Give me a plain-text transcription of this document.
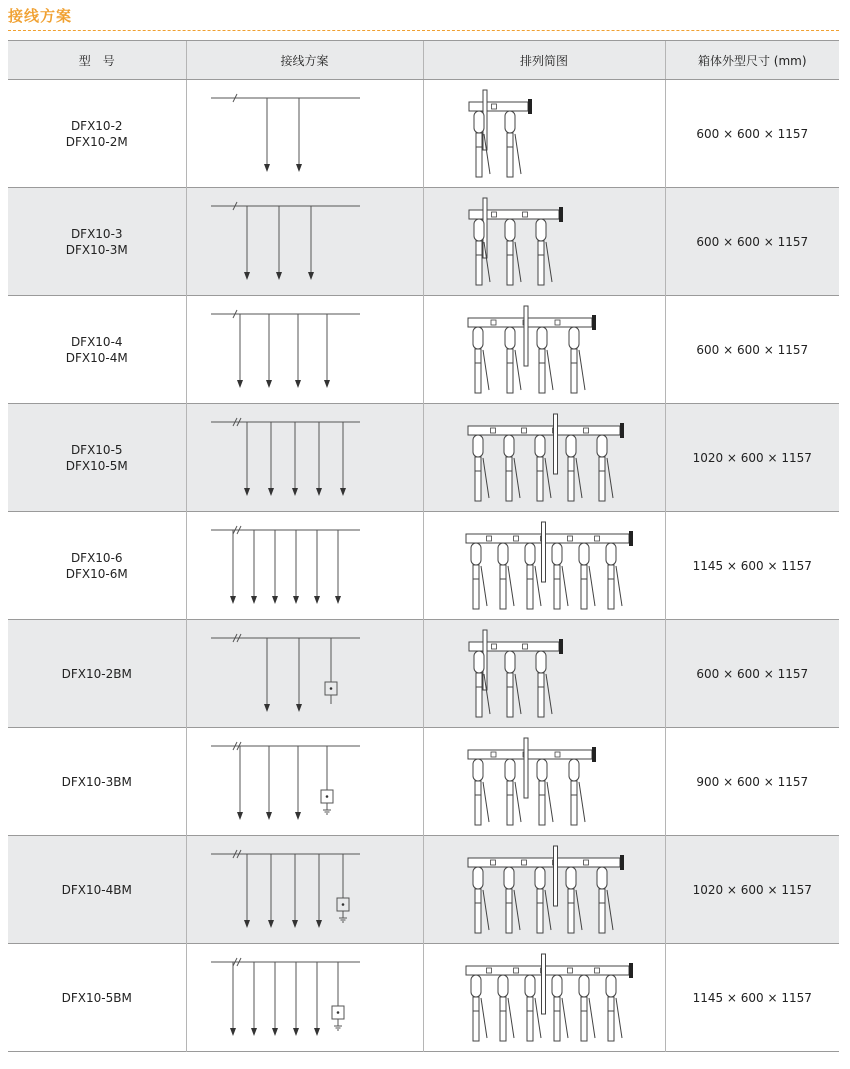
接线方案
型　号	接线方案	排列简图	箱体外型尺寸 (mm)

DFX10-2
DFX10-2M			600 × 600 × 1157

DFX10-3
DFX10-3M			600 × 600 × 1157

DFX10-4
DFX10-4M			600 × 600 × 1157

DFX10-5
DFX10-5M			1020 × 600 × 1157

DFX10-6
DFX10-6M			1145 × 600 × 1157

DFX10-2BM			600 × 600 × 1157

DFX10-3BM			900 × 600 × 1157

DFX10-4BM			1020 × 600 × 1157

DFX10-5BM			1145 × 600 × 1157
